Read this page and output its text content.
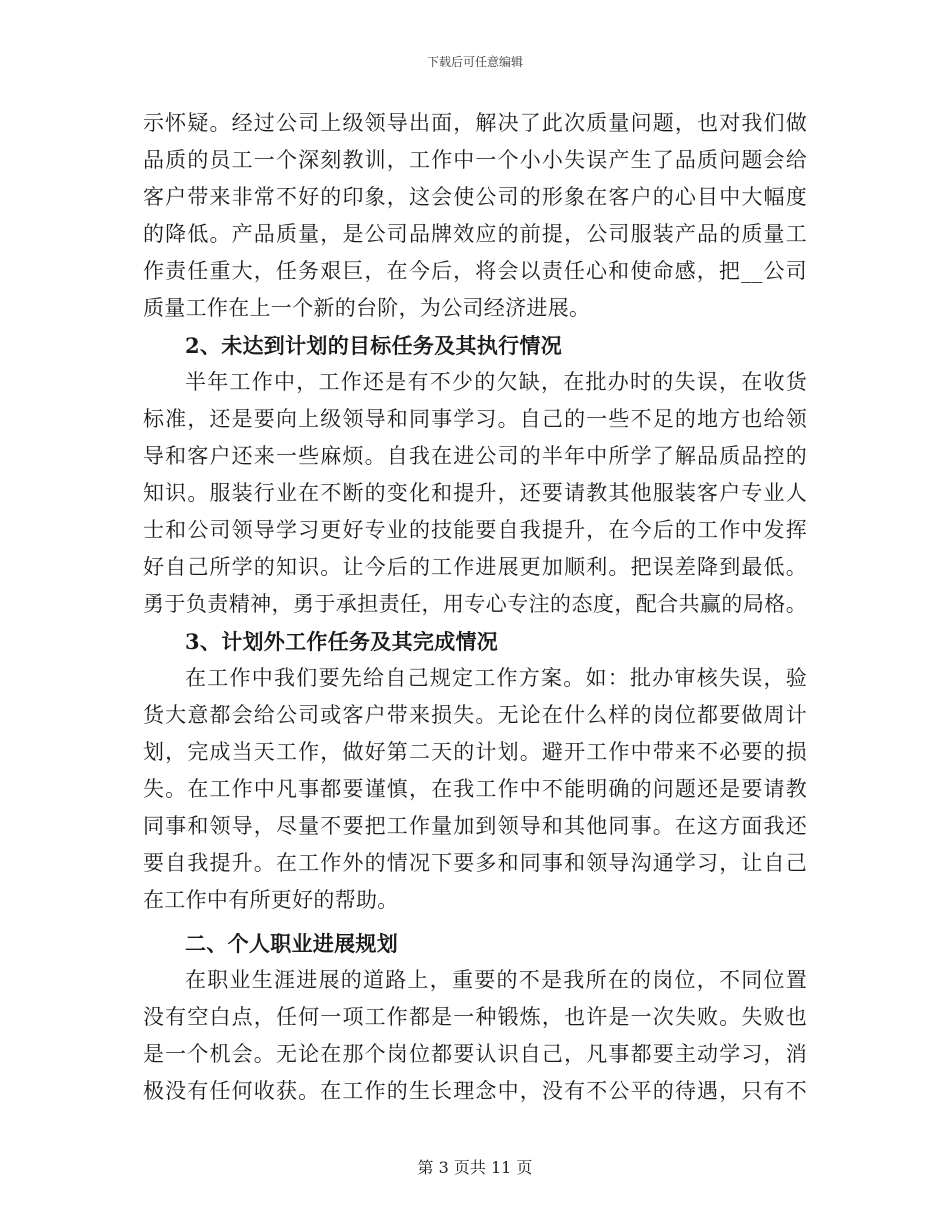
下载后可任意编辑
示怀疑。经过公司上级领导出面，解决了此次质量问题，也对我们做
品质的员工一个深刻教训，工作中一个小小失误产生了品质问题会给
客户带来非常不好的印象，这会使公司的形象在客户的心目中大幅度
的降低。产品质量，是公司品牌效应的前提，公司服装产品的质量工
作责任重大，任务艰巨，在今后，将会以责任心和使命感，把__公司
质量工作在上一个新的台阶，为公司经济进展。
2、未达到计划的目标任务及其执行情况
半年工作中，工作还是有不少的欠缺，在批办时的失误，在收货
标准，还是要向上级领导和同事学习。自己的一些不足的地方也给领
导和客户还来一些麻烦。自我在进公司的半年中所学了解品质品控的
知识。服装行业在不断的变化和提升，还要请教其他服装客户专业人
士和公司领导学习更好专业的技能要自我提升，在今后的工作中发挥
好自己所学的知识。让今后的工作进展更加顺利。把误差降到最低。
勇于负责精神，勇于承担责任，用专心专注的态度，配合共赢的局格。
3、计划外工作任务及其完成情况
在工作中我们要先给自己规定工作方案。如：批办审核失误，验
货大意都会给公司或客户带来损失。无论在什么样的岗位都要做周计
划，完成当天工作，做好第二天的计划。避开工作中带来不必要的损
失。在工作中凡事都要谨慎，在我工作中不能明确的问题还是要请教
同事和领导，尽量不要把工作量加到领导和其他同事。在这方面我还
要自我提升。在工作外的情况下要多和同事和领导沟通学习，让自己
在工作中有所更好的帮助。
二、个人职业进展规划
在职业生涯进展的道路上，重要的不是我所在的岗位，不同位置
没有空白点，任何一项工作都是一种锻炼，也许是一次失败。失败也
是一个机会。无论在那个岗位都要认识自己，凡事都要主动学习，消
极没有任何收获。在工作的生长理念中，没有不公平的待遇，只有不
第 3 页共 11 页
